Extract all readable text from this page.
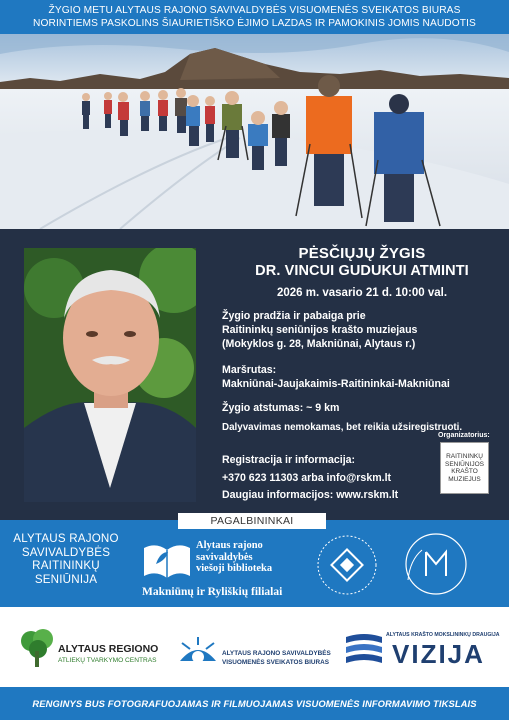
ŽYGIO METU ALYTAUS RAJONO SAVIVALDYBĖS VISUOMENĖS SVEIKATOS BIURAS
NORINTIEMS PASKOLINS ŠIAURIETIŠKO ĖJIMO LAZDAS IR PAMOKINIS JOMIS NAUDOTIS
PĖSČIŲJŲ ŽYGIS
DR. VINCUI GUDUKUI ATMINTI
2026 m. vasario 21 d. 10:00 val.
Žygio pradžia ir pabaiga prie
Raitininkų seniūnijos krašto muziejaus
(Mokyklos g. 28, Makniūnai, Alytaus r.)
Maršrutas:
Makniūnai-Jaujakaimis-Raitininkai-Makniūnai
Žygio atstumas: ~ 9 km
Dalyvavimas nemokamas, bet reikia užsiregistruoti.
Registracija ir informacija:
+370 623 11303 arba info@rskm.lt
Daugiau informacijos: www.rskm.lt
Organizatorius:
RAITININKŲ SENIŪNIJOS KRAŠTO MUZIEJUS
ALYTAUS RAJONO SAVIVALDYBĖS RAITININKŲ SENIŪNIJA
Alytaus rajono
savivaldybės
viešoji biblioteka
Makniūnų ir Ryliškių filialai
PAGALBININKAI
ALYTAUS REGIONO
ATLIEKŲ TVARKYMO CENTRAS
ALYTAUS RAJONO SAVIVALDYBĖS
VISUOMENĖS SVEIKATOS BIURAS
ALYTAUS KRAŠTO MOKSLININKŲ DRAUGIJA
VIZIJA
RENGINYS BUS FOTOGRAFUOJAMAS IR FILMUOJAMAS VISUOMENĖS INFORMAVIMO TIKSLAIS
